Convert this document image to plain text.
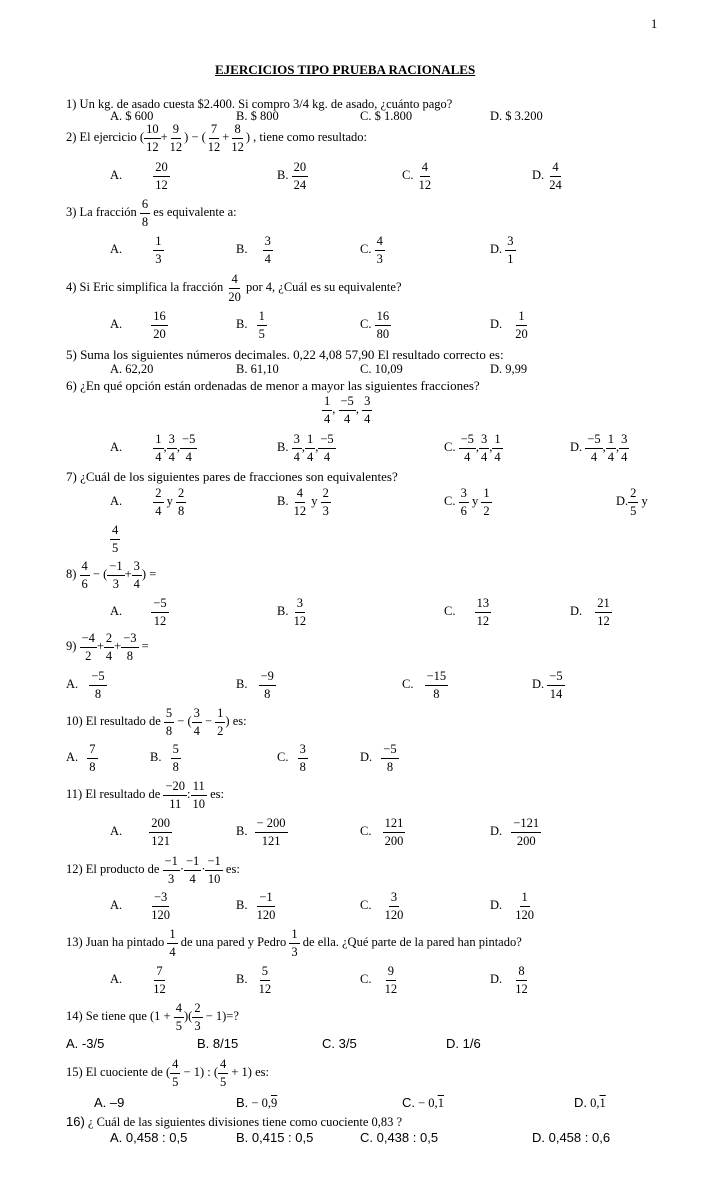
1
EJERCICIOS TIPO PRUEBA RACIONALES
1) Un kg. de asado cuesta $2.400. Si compro 3/4 kg. de asado, ¿cuánto pago?
A. $ 600	B. $ 800	C. $ 1.800	D. $ 3.200
2) El ejercicio ( $\frac{10}{12} + \frac{9}{12}$ ) − ( $\frac{7}{12} + \frac{8}{12}$ ) , tiene como resultado:
A. $\frac{20}{12}$	B. $\frac{20}{24}$	C. $\frac{4}{12}$	D. $\frac{4}{24}$
3) La fracción $\frac{6}{8}$ es equivalente a:
A. $\frac{1}{3}$	B. $\frac{3}{4}$	C. $\frac{4}{3}$	D. $\frac{3}{1}$
4) Si Eric simplifica la fracción $\frac{4}{20}$ por 4, ¿Cuál es su equivalente?
A. $\frac{16}{20}$	B. $\frac{1}{5}$	C. $\frac{16}{80}$	D. $\frac{1}{20}$
5) Suma los siguientes números decimales. 0,22 4,08 57,90 El resultado correcto es:
A. 62,20	B. 61,10	C. 10,09	D. 9,99
6) ¿En qué opción están ordenadas de menor a mayor las siguientes fracciones?
$\frac{1}{4}$ , $\frac{-5}{4}$ , $\frac{3}{4}$
A. $\frac{1}{4}$ , $\frac{3}{4}$ , $\frac{-5}{4}$	B. $\frac{3}{4}$ , $\frac{1}{4}$ , $\frac{-5}{4}$	C. $\frac{-5}{4}$ , $\frac{3}{4}$ , $\frac{1}{4}$	D. $\frac{-5}{4}$ , $\frac{1}{4}$ , $\frac{3}{4}$
7) ¿Cuál de los siguientes pares de fracciones son equivalentes?
A. $\frac{2}{4}$ y $\frac{2}{8}$	B. $\frac{4}{12}$ y $\frac{2}{3}$	C. $\frac{3}{6}$ y $\frac{1}{2}$	D. $\frac{2}{5}$ y
$\frac{4}{5}$
$8) \frac{4}{6}$ − ( $\frac{-1}{3} + \frac{3}{4}$ ) =
A. $\frac{-5}{12}$	B. $\frac{3}{12}$	C. $\frac{13}{12}$	D. $\frac{21}{12}$
$9) \frac{-4}{2} + \frac{2}{4} + \frac{-3}{8}$ =
A. $\frac{-5}{8}$	B. $\frac{-9}{8}$	C. $\frac{-15}{8}$	D. $\frac{-5}{14}$
10) El resultado de $\frac{5}{8}$ − ( $\frac{3}{4} - \frac{1}{2}$ ) es:
A. $\frac{7}{8}$	B. $\frac{5}{8}$	C. $\frac{3}{8}$	D. $\frac{-5}{8}$
11) El resultado de $\frac{-20}{11}$ : $\frac{11}{10}$ es:
A. $\frac{200}{121}$	B. $\frac{- 200}{121}$	C. $\frac{121}{200}$	D. $\frac{-121}{200}$
12) El producto de $\frac{-1}{3} \cdot \frac{-1}{4} \cdot \frac{-1}{10}$ es:
A. $\frac{-3}{120}$	B. $\frac{-1}{120}$	C. $\frac{3}{120}$	D. $\frac{1}{120}$
13) Juan ha pintado $\frac{1}{4}$ de una pared y Pedro $\frac{1}{3}$ de ella. ¿Qué parte de la pared han pintado?
A. $\frac{7}{12}$	B. $\frac{5}{12}$	C. $\frac{9}{12}$	D. $\frac{8}{12}$
14) Se tiene que ($1 + \frac{4}{5}$ )( $\frac{2}{3} - 1)=$?
A. -3/5	B. 8/15	C. 3/5	D. 1/6
15) El cuociente de ( $\frac{4}{5} - 1$) : ( $\frac{4}{5} + 1$) es:
A. –9	B. − 0,9	C. − 0,1	D. 0,1
16) ¿ Cuál de las siguientes divisiones tiene como cuociente 0,83 ?
A. 0,458 : 0,5	B. 0,415 : 0,5	C. 0,438 : 0,5	D. 0,458 : 0,6
